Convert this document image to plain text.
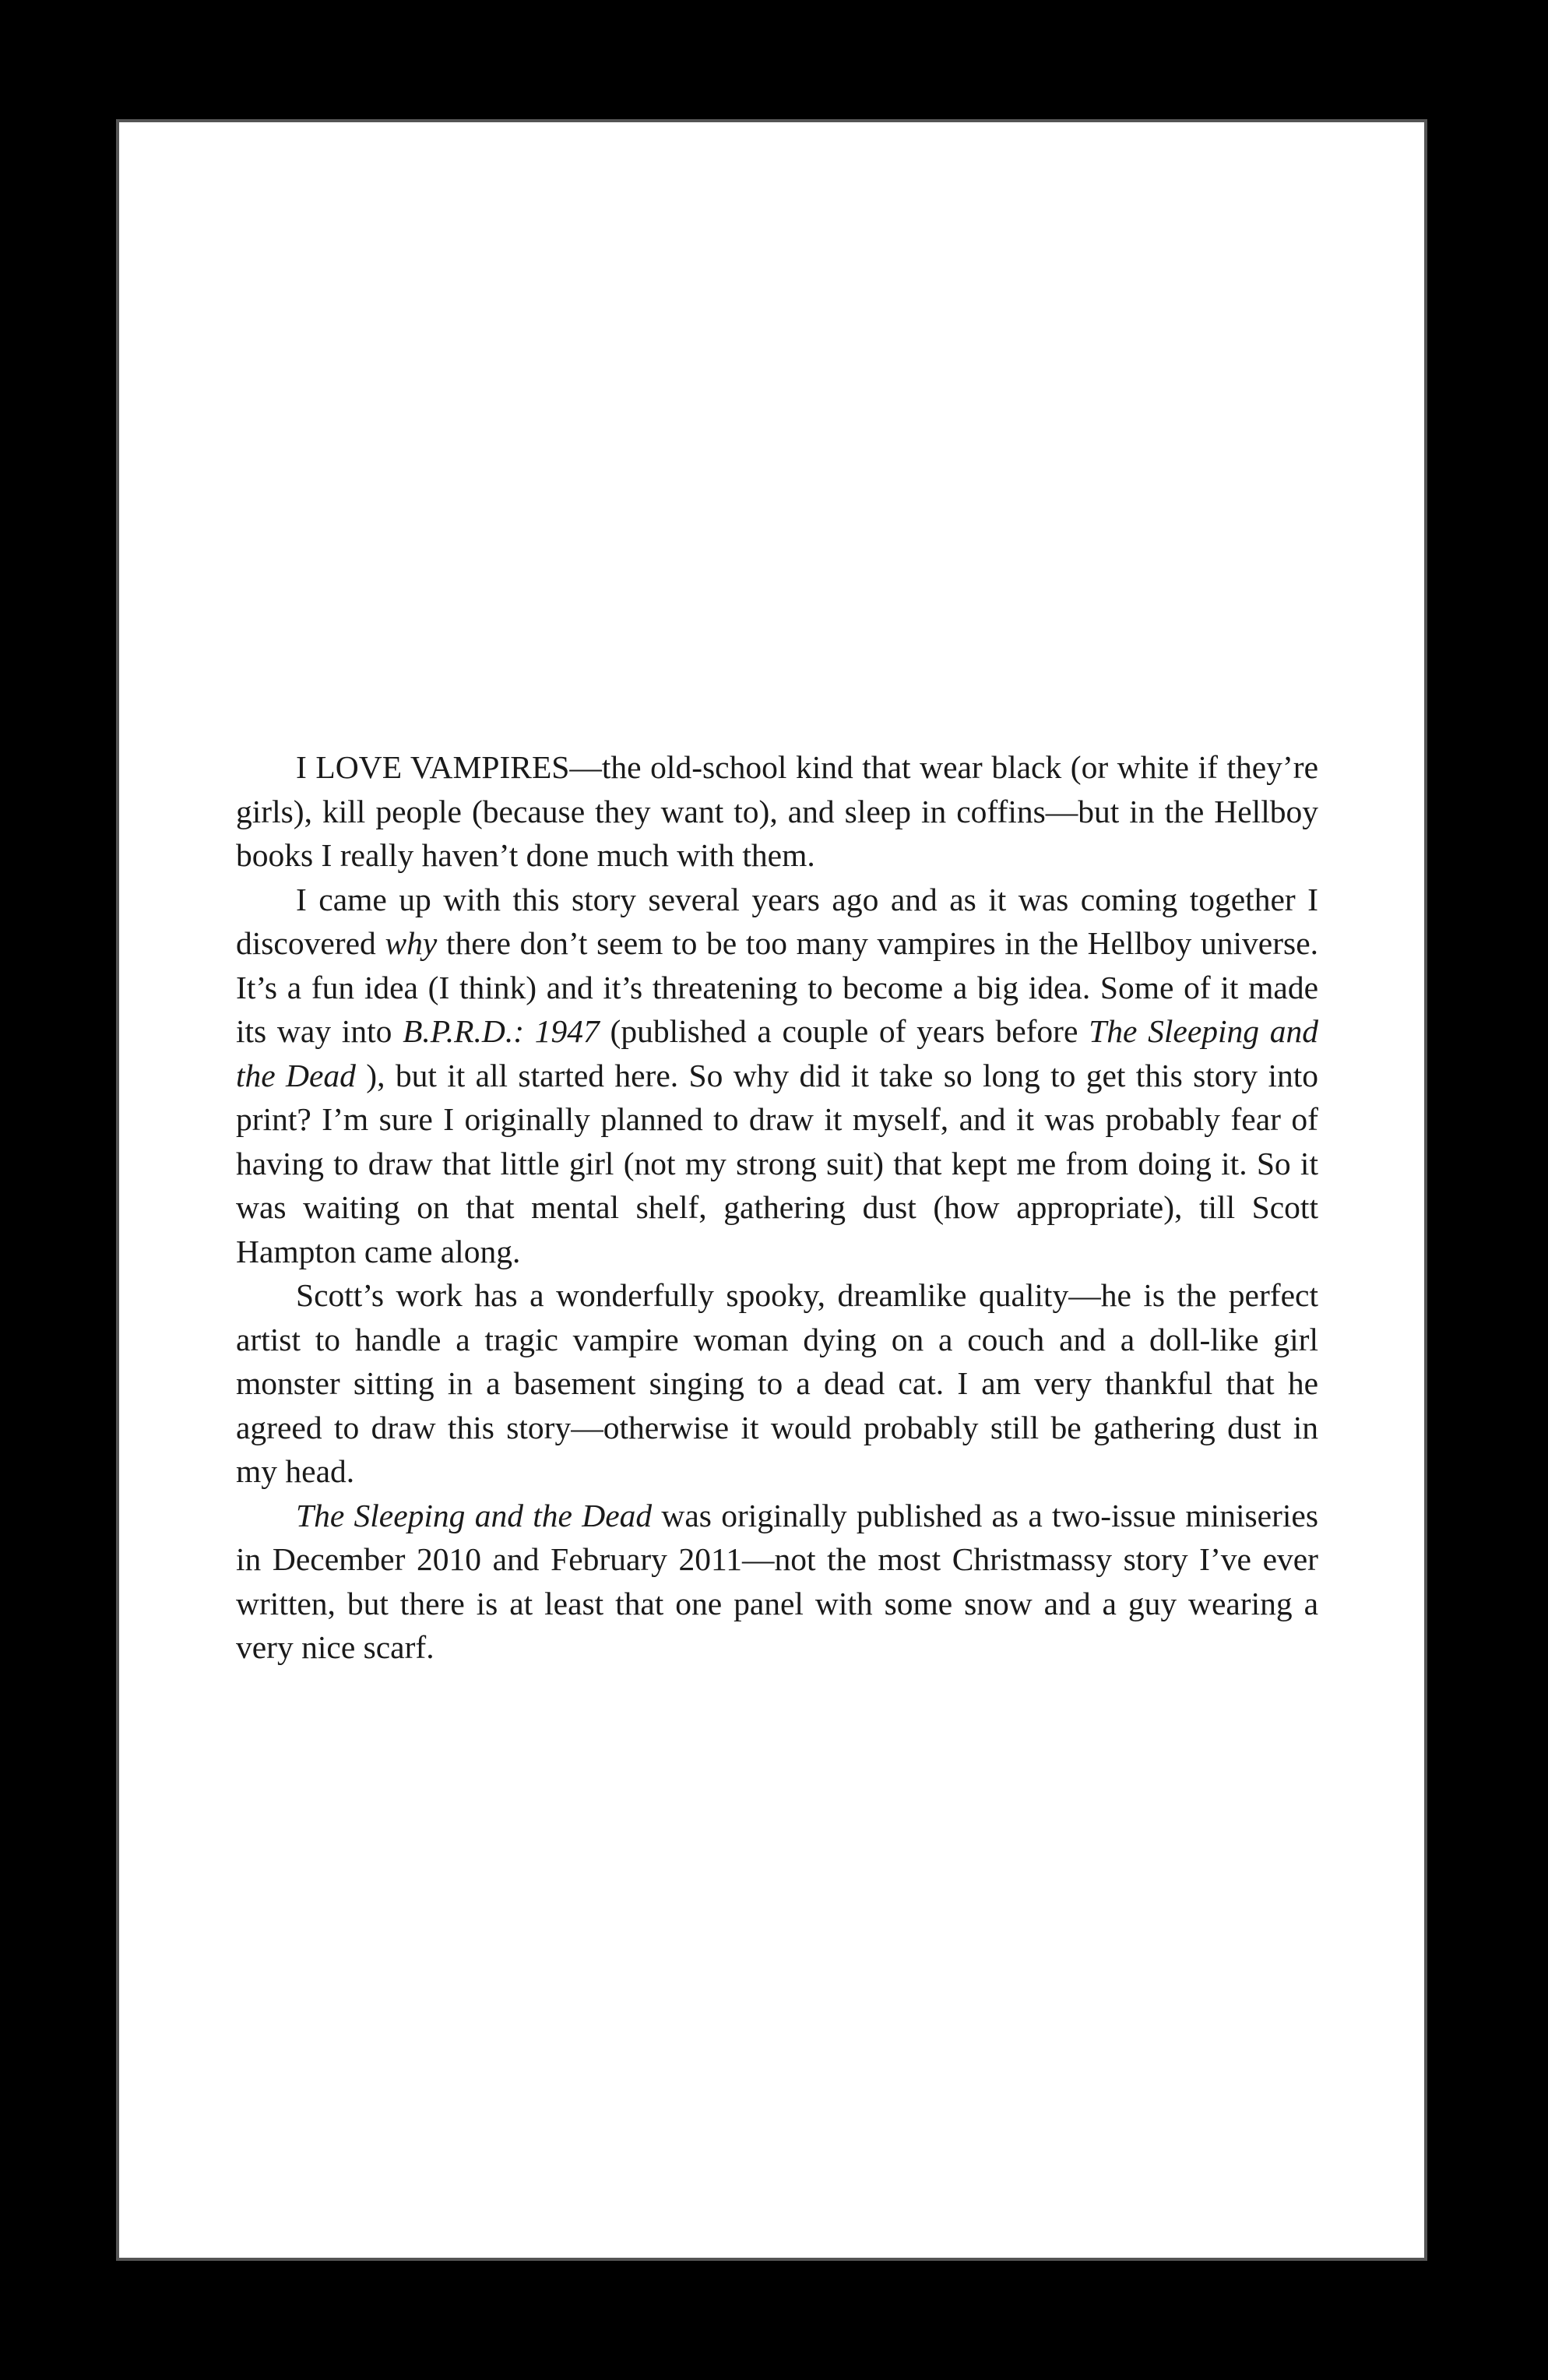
I LOVE VAMPIRES—the old-school kind that wear black (or white if they’re girls), kill people (because they want to), and sleep in coffins—but in the Hellboy books I really haven’t done much with them.

I came up with this story several years ago and as it was coming together I discovered why there don’t seem to be too many vampires in the Hellboy universe. It’s a fun idea (I think) and it’s threatening to become a big idea. Some of it made its way into B.P.R.D.: 1947 (published a couple of years before The Sleeping and the Dead ), but it all started here. So why did it take so long to get this story into print? I’m sure I originally planned to draw it myself, and it was probably fear of having to draw that little girl (not my strong suit) that kept me from doing it. So it was waiting on that mental shelf, gathering dust (how appropriate), till Scott Hampton came along.

Scott’s work has a wonderfully spooky, dreamlike quality—he is the perfect artist to handle a tragic vampire woman dying on a couch and a doll-like girl monster sitting in a basement singing to a dead cat. I am very thankful that he agreed to draw this story—otherwise it would probably still be gathering dust in my head.

The Sleeping and the Dead was originally published as a two-issue miniseries in December 2010 and February 2011—not the most Christmassy story I’ve ever written, but there is at least that one panel with some snow and a guy wearing a very nice scarf.
